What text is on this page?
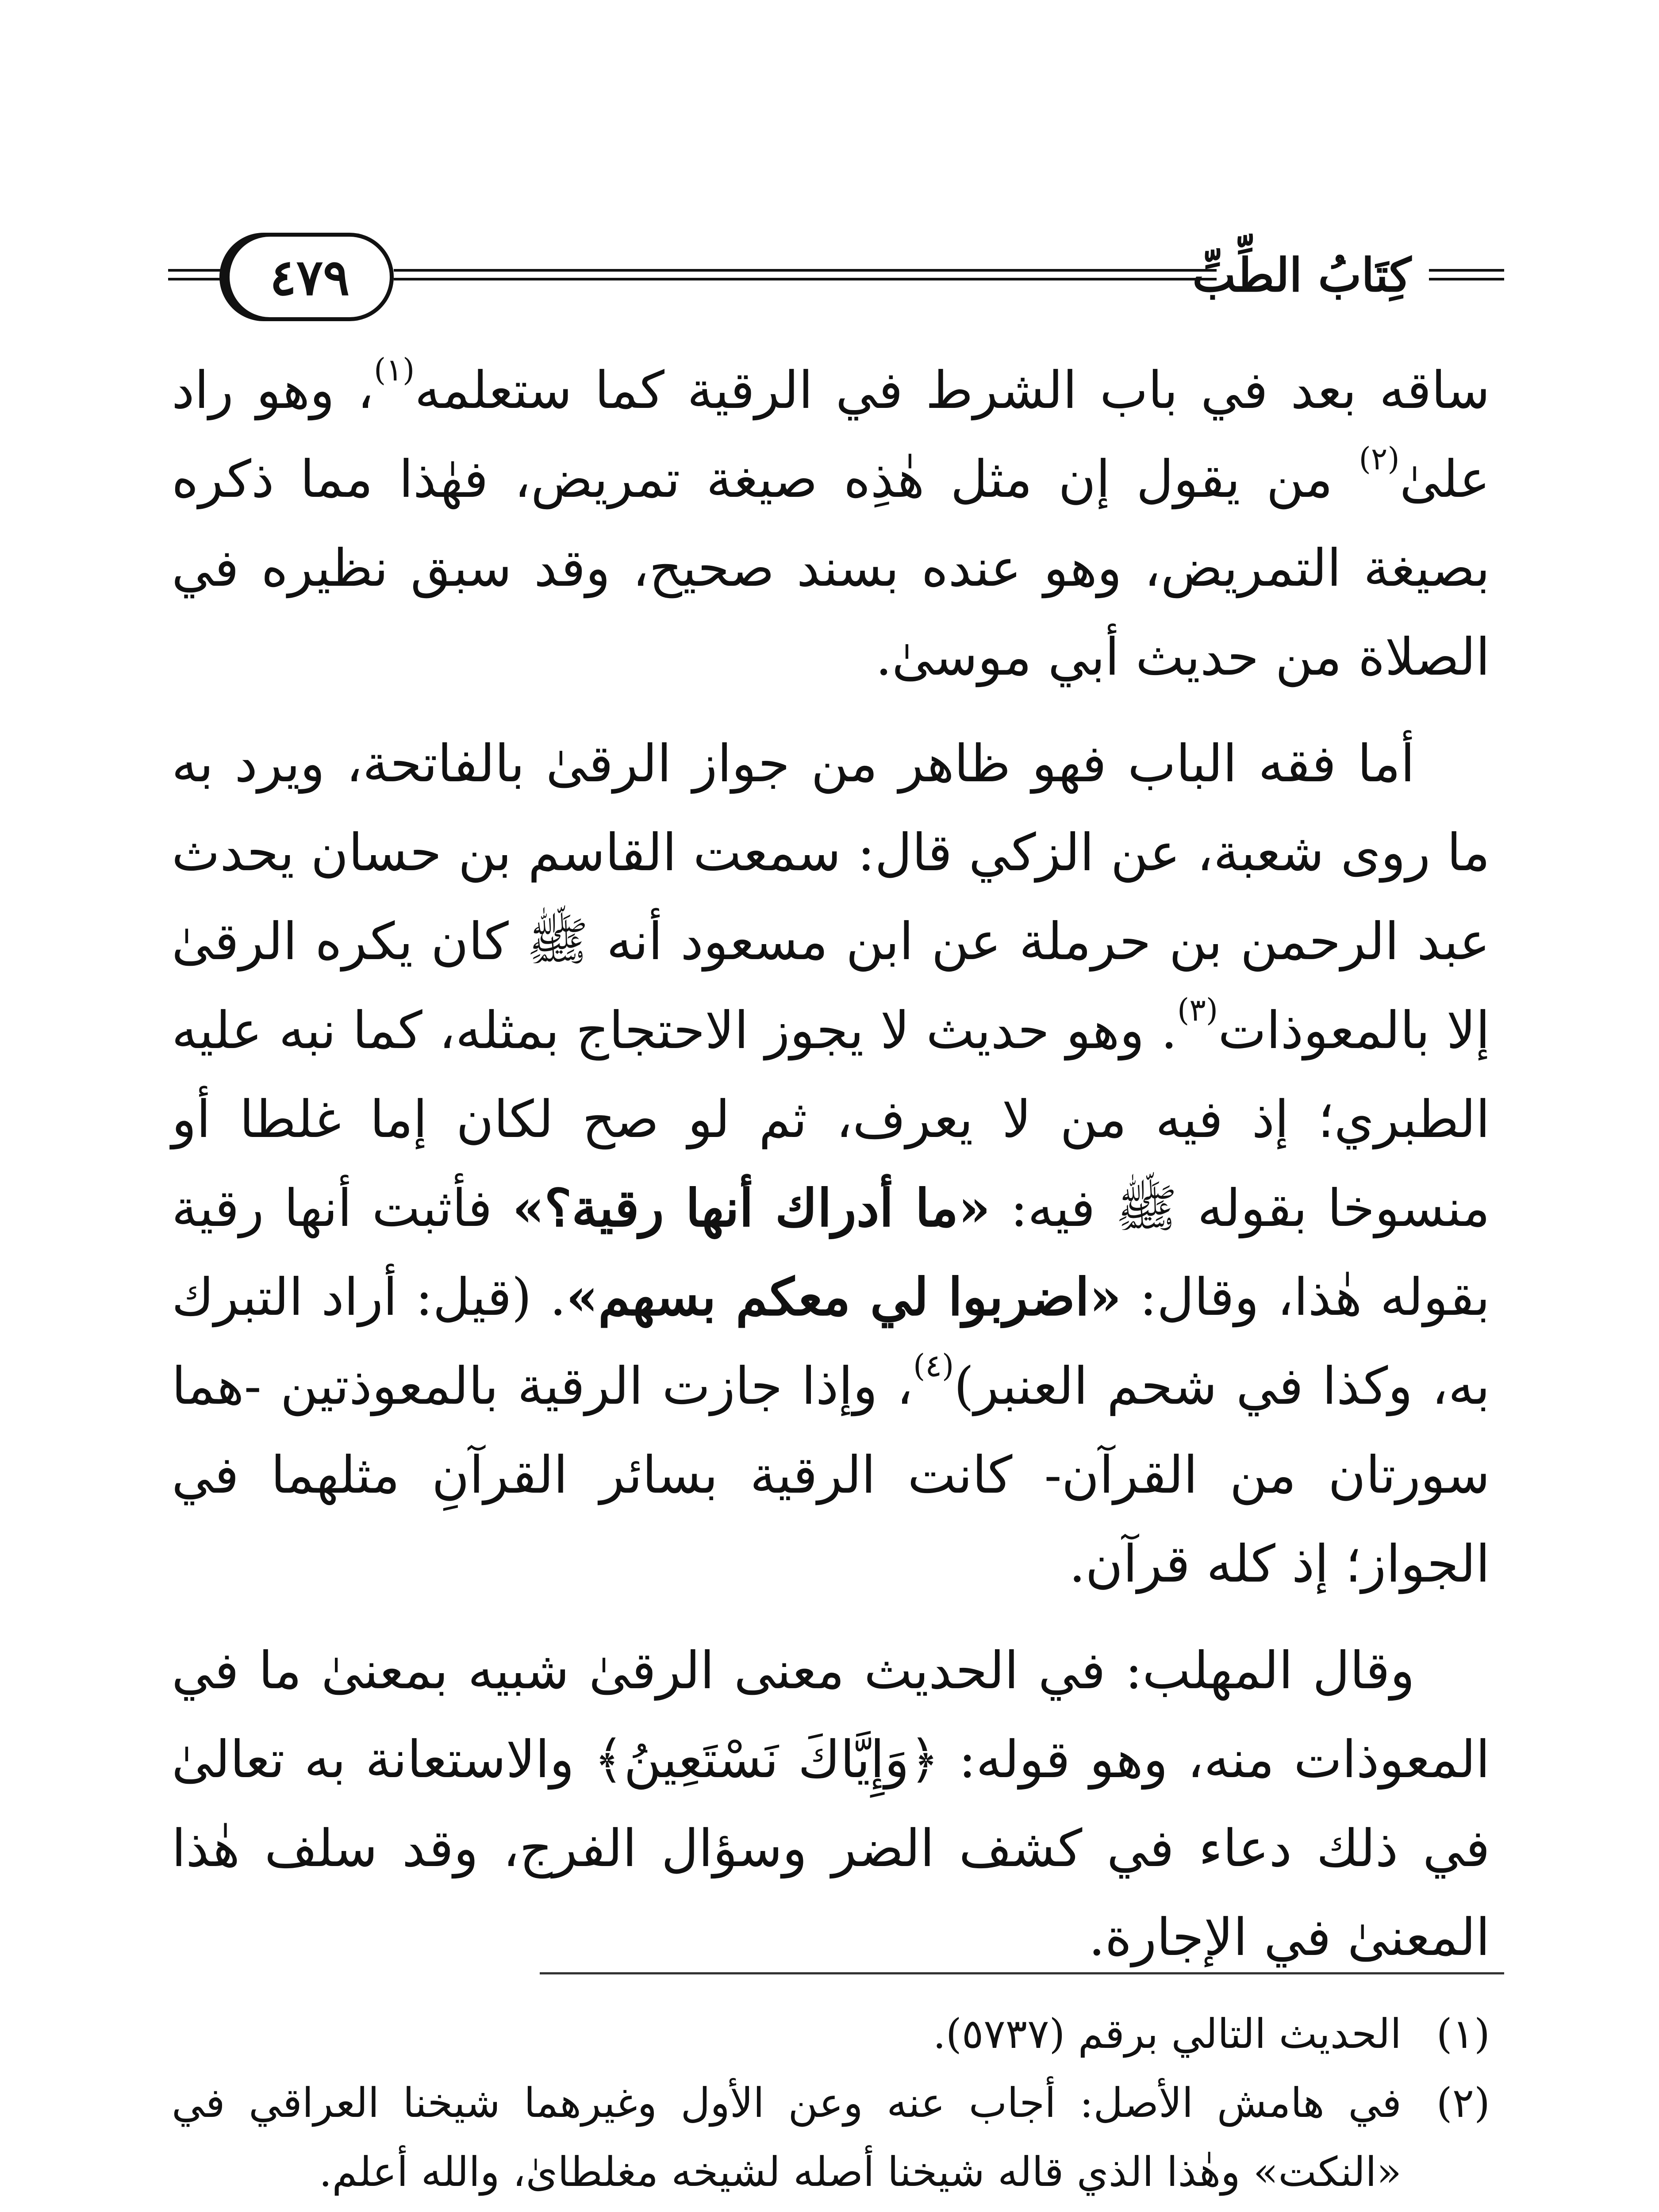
٤٧٩	كِتَابُ الطِّبِّ

ساقه بعد في باب الشرط في الرقية كما ستعلمه$^{(١)}$، وهو راد علىٰ$^{(٢)}$ من يقول إن مثل هٰذِه صيغة تمريض، فهٰذا مما ذكره بصيغة التمريض، وهو عنده بسند صحيح، وقد سبق نظيره في الصلاة من حديث أبي موسىٰ.

أما فقه الباب فهو ظاهر من جواز الرقىٰ بالفاتحة، ويرد به ما روى شعبة، عن الزكي قال: سمعت القاسم بن حسان يحدث عبد الرحمن بن حرملة عن ابن مسعود أنه ﷺ كان يكره الرقىٰ إلا بالمعوذات$^{(٣)}$. وهو حديث لا يجوز الاحتجاج بمثله، كما نبه عليه الطبري؛ إذ فيه من لا يعرف، ثم لو صح لكان إما غلطا أو منسوخا بقوله ﷺ فيه: «ما أدراك أنها رقية؟» فأثبت أنها رقية بقوله هٰذا، وقال: «اضربوا لي معكم بسهم». (قيل: أراد التبرك به، وكذا في شحم العنبر)$^{(٤)}$، وإذا جازت الرقية بالمعوذتين -هما سورتان من القرآن- كانت الرقية بسائر القرآنِ مثلهما في الجواز؛ إذ كله قرآن.

وقال المهلب: في الحديث معنى الرقىٰ شبيه بمعنىٰ ما في المعوذات منه، وهو قوله: ﴿وَإِيَّاكَ نَسْتَعِينُ﴾ والاستعانة به تعالىٰ في ذلك دعاء في كشف الضر وسؤال الفرج، وقد سلف هٰذا المعنىٰ في الإجارة.

(١)
الحديث التالي برقم (٥٧٣٧).
(٢)
في هامش الأصل: أجاب عنه وعن الأول وغيرهما شيخنا العراقي في «النكت» وهٰذا الذي قاله شيخنا أصله لشيخه مغلطاىٰ، والله أعلم.
